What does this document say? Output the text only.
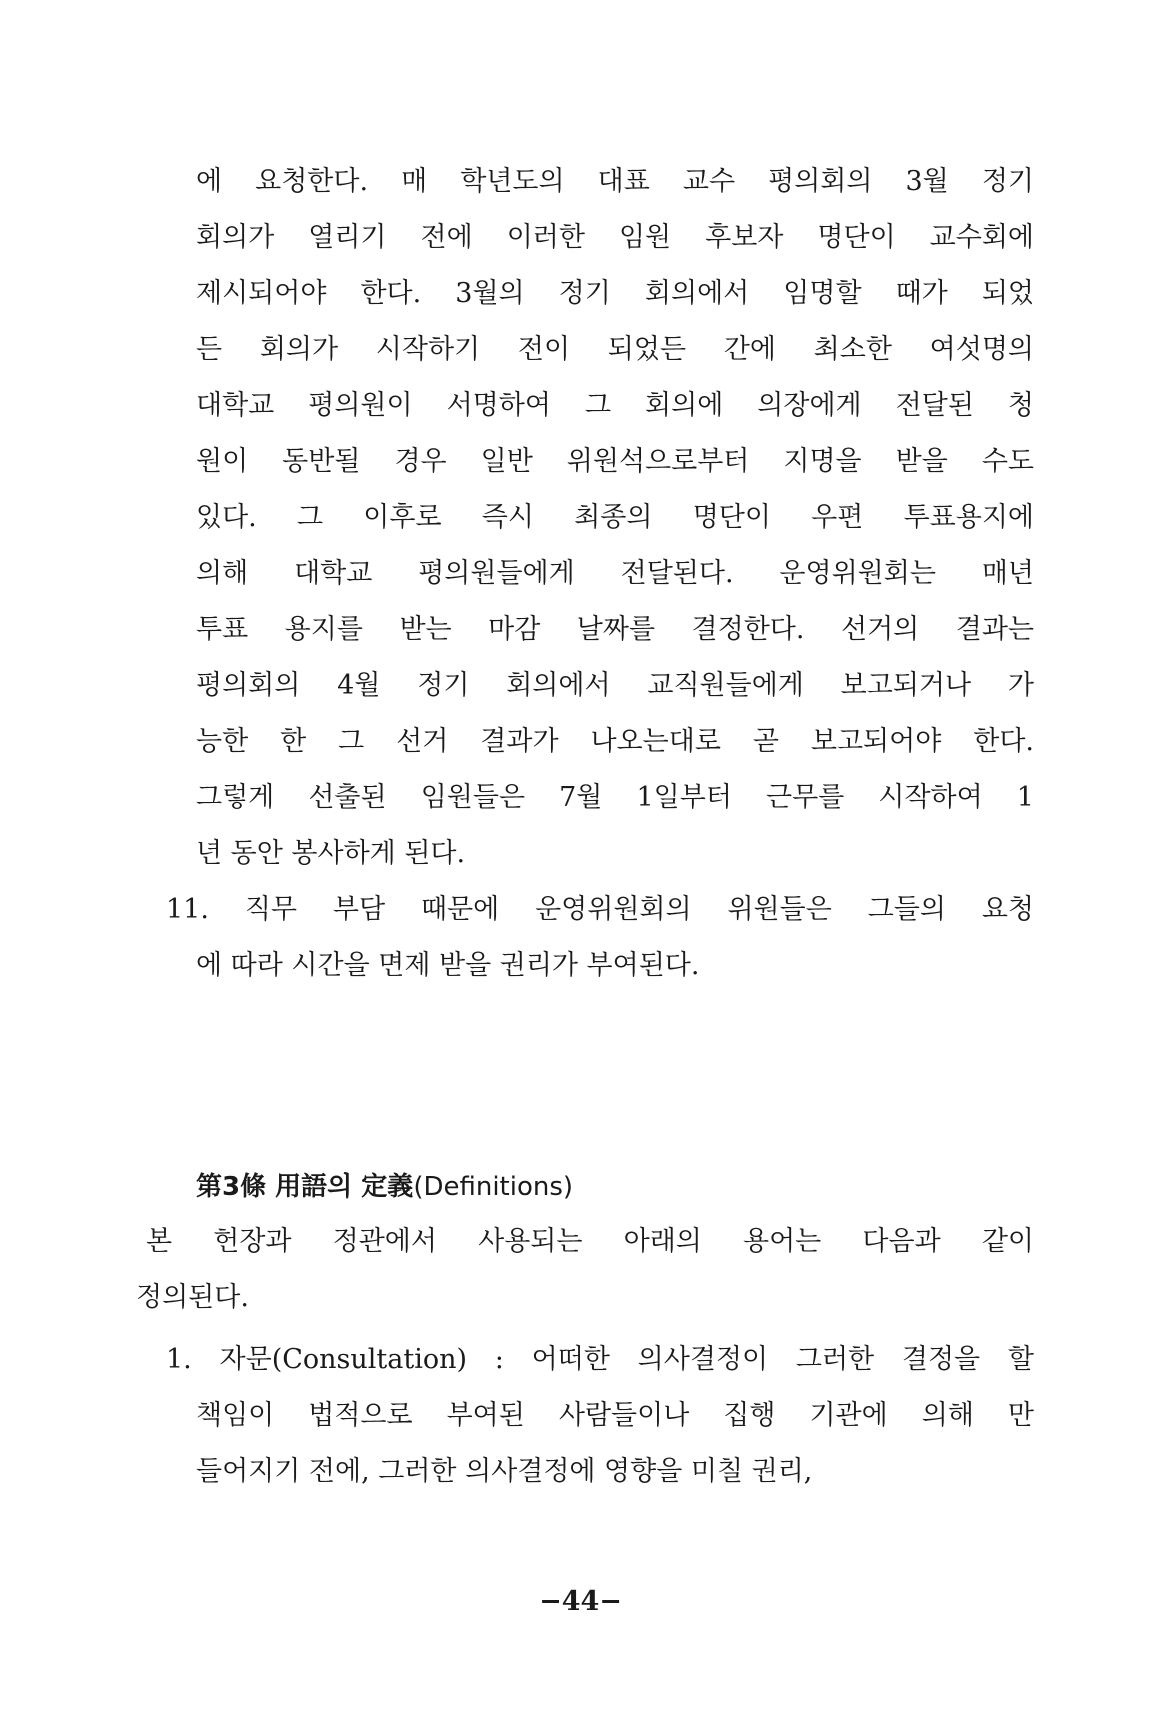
에 요청한다. 매 학년도의 대표 교수 평의회의 3월 정기
회의가 열리기 전에 이러한 임원 후보자 명단이 교수회에
제시되어야 한다. 3월의 정기 회의에서 임명할 때가 되었
든 회의가 시작하기 전이 되었든 간에 최소한 여섯명의
대학교 평의원이 서명하여 그 회의에 의장에게 전달된 청
원이 동반될 경우 일반 위원석으로부터 지명을 받을 수도
있다. 그 이후로 즉시 최종의 명단이 우편 투표용지에
의해 대학교 평의원들에게 전달된다. 운영위원회는 매년
투표 용지를 받는 마감 날짜를 결정한다. 선거의 결과는
평의회의 4월 정기 회의에서 교직원들에게 보고되거나 가
능한 한 그 선거 결과가 나오는대로 곧 보고되어야 한다.
그렇게 선출된 임원들은 7월 1일부터 근무를 시작하여 1
년 동안 봉사하게 된다.
11. 직무 부담 때문에 운영위원회의 위원들은 그들의 요청
에 따라 시간을 면제 받을 권리가 부여된다.
第3條 用語의 定義(Definitions)
본 헌장과 정관에서 사용되는 아래의 용어는 다음과 같이
정의된다.
1. 자문(Consultation) : 어떠한 의사결정이 그러한 결정을 할
책임이 법적으로 부여된 사람들이나 집행 기관에 의해 만
들어지기 전에, 그러한 의사결정에 영향을 미칠 권리,
−44−
